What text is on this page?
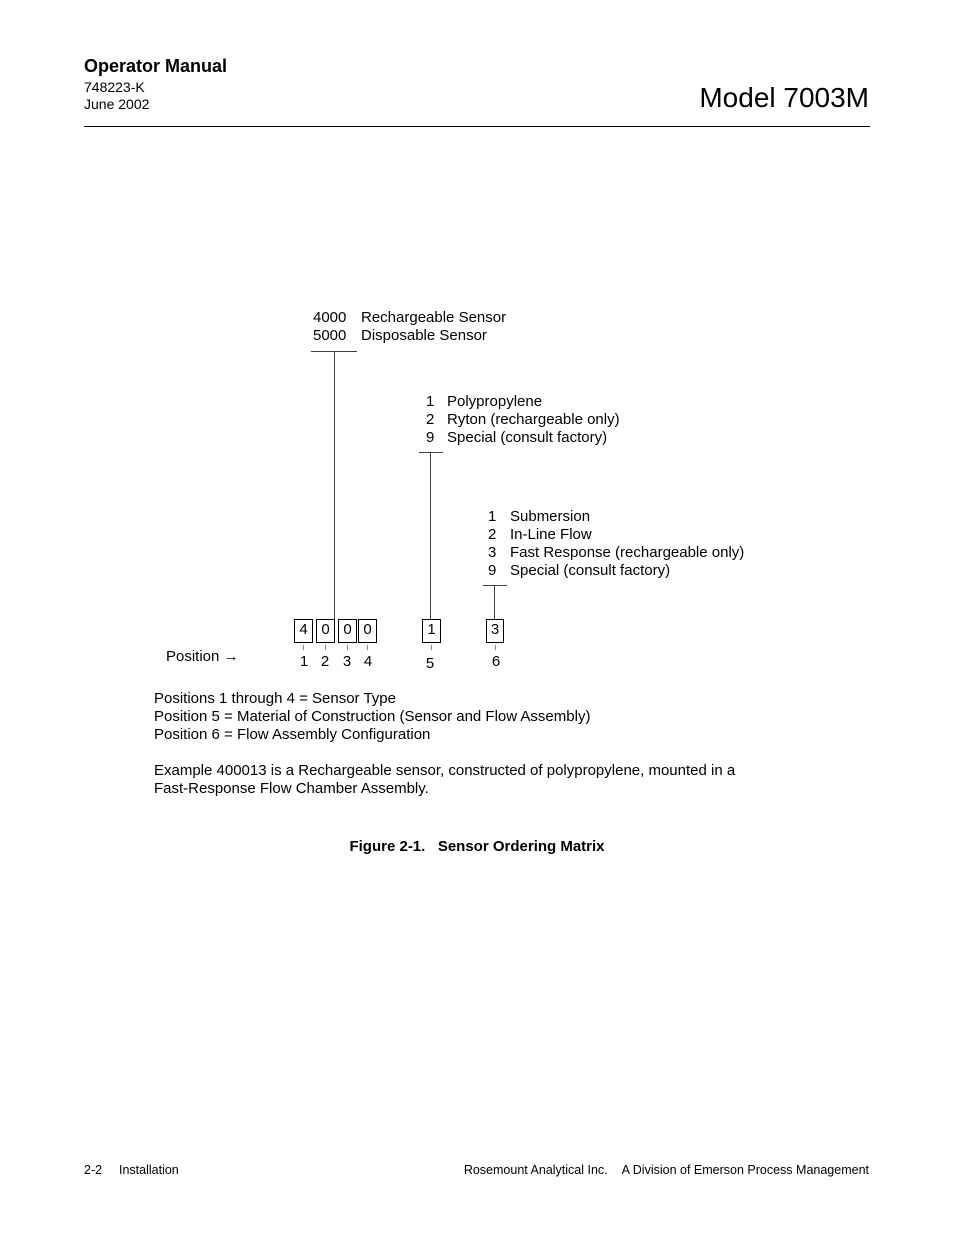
Operator Manual
748223-K
June 2002	Model 7003M
4000 Rechargeable Sensor
5000 Disposable Sensor
1 Polypropylene
2 Ryton (rechargeable only)
9 Special (consult factory)
1 Submersion
2 In-Line Flow
3 Fast Response (rechargeable only)
9 Special (consult factory)
4 0 0 0	1	3
Position →	1 2 3 4	5	6
Positions 1 through 4 = Sensor Type
Position 5 = Material of Construction (Sensor and Flow Assembly)
Position 6 = Flow Assembly Configuration
Example 400013 is a Rechargeable sensor, constructed of polypropylene, mounted in a
Fast-Response Flow Chamber Assembly.
Figure 2-1.   Sensor Ordering Matrix
2-2 Installation	Rosemount Analytical Inc. A Division of Emerson Process Management
